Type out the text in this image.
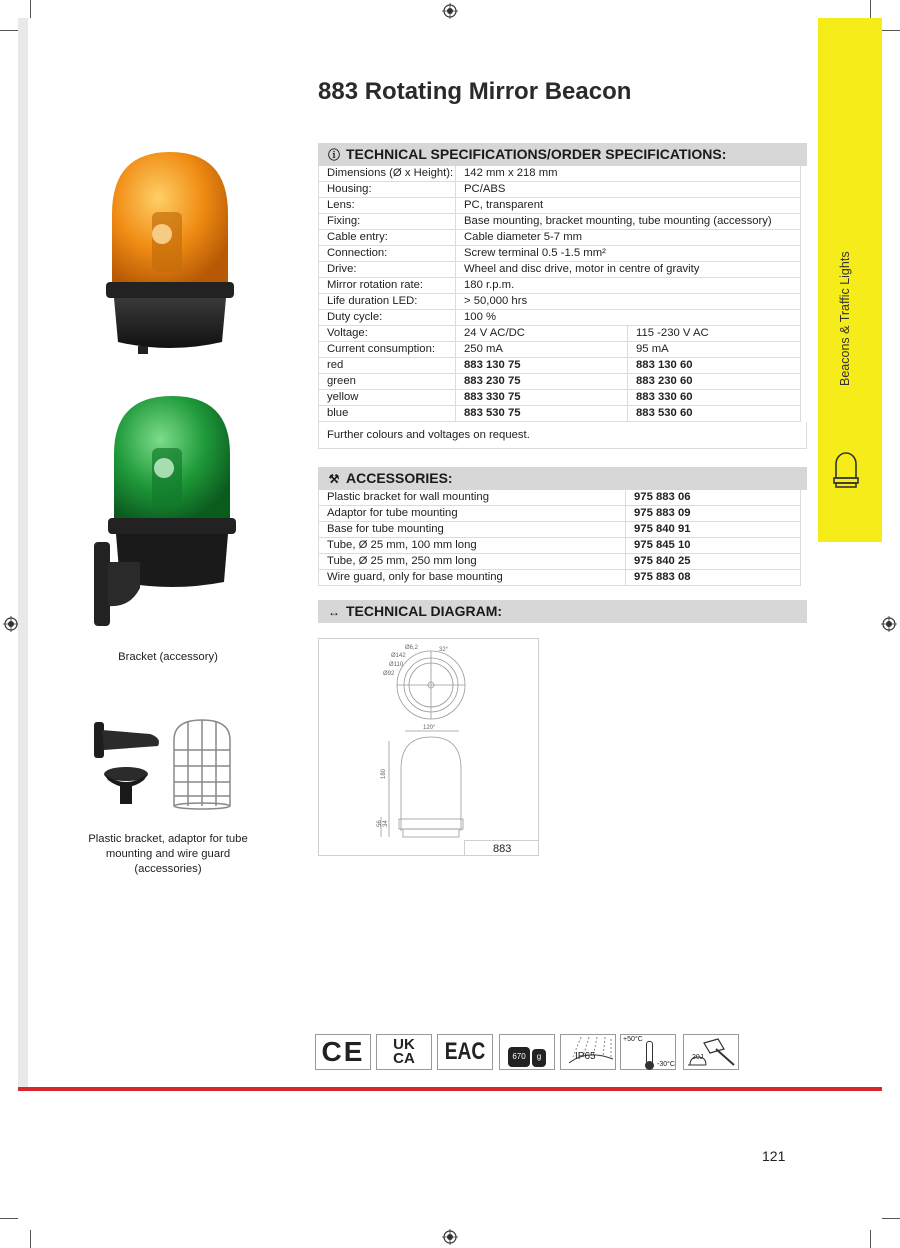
Beacons & Traffic Lights
883 Rotating Mirror Beacon
Bracket (accessory)
Plastic bracket, adaptor for tube
mounting and wire guard
(accessories)
ⓘ TECHNICAL SPECIFICATIONS/ORDER SPECIFICATIONS:
Dimensions (Ø x Height):	142 mm x 218 mm	
Housing:	PC/ABS	
Lens:	PC, transparent	
Fixing:	Base mounting, bracket mounting, tube mounting (accessory)	
Cable entry:	Cable diameter 5-7 mm	
Connection:	Screw terminal 0.5 -1.5 mm²	
Drive:	Wheel and disc drive, motor in centre of gravity	
Mirror rotation rate:	180 r.p.m.	
Life duration LED:	> 50,000 hrs	
Duty cycle:	100 %	
Voltage:	24 V AC/DC	115 -230 V AC
Current consumption:	250 mA	95 mA
red	883 130 75	883 130 60
green	883 230 75	883 230 60
yellow	883 330 75	883 330 60
blue	883 530 75	883 530 60
Further colours and voltages on request.
⚒ ACCESSORIES:
Plastic bracket for wall mounting	975 883 06
Adaptor for tube mounting	975 883 09
Base for tube mounting	975 840 91
Tube, Ø 25 mm, 100 mm long	975 845 10
Tube, Ø 25 mm, 250 mm long	975 840 25
Wire guard, only for base mounting	975 883 08
↔ TECHNICAL DIAGRAM:
Ø6,2
Ø142
Ø110
Ø92
32°
120°
180
56 34
883
CE	UK
CA	EAC	670	g	IP65
+50°C
-30°C
20J
121
